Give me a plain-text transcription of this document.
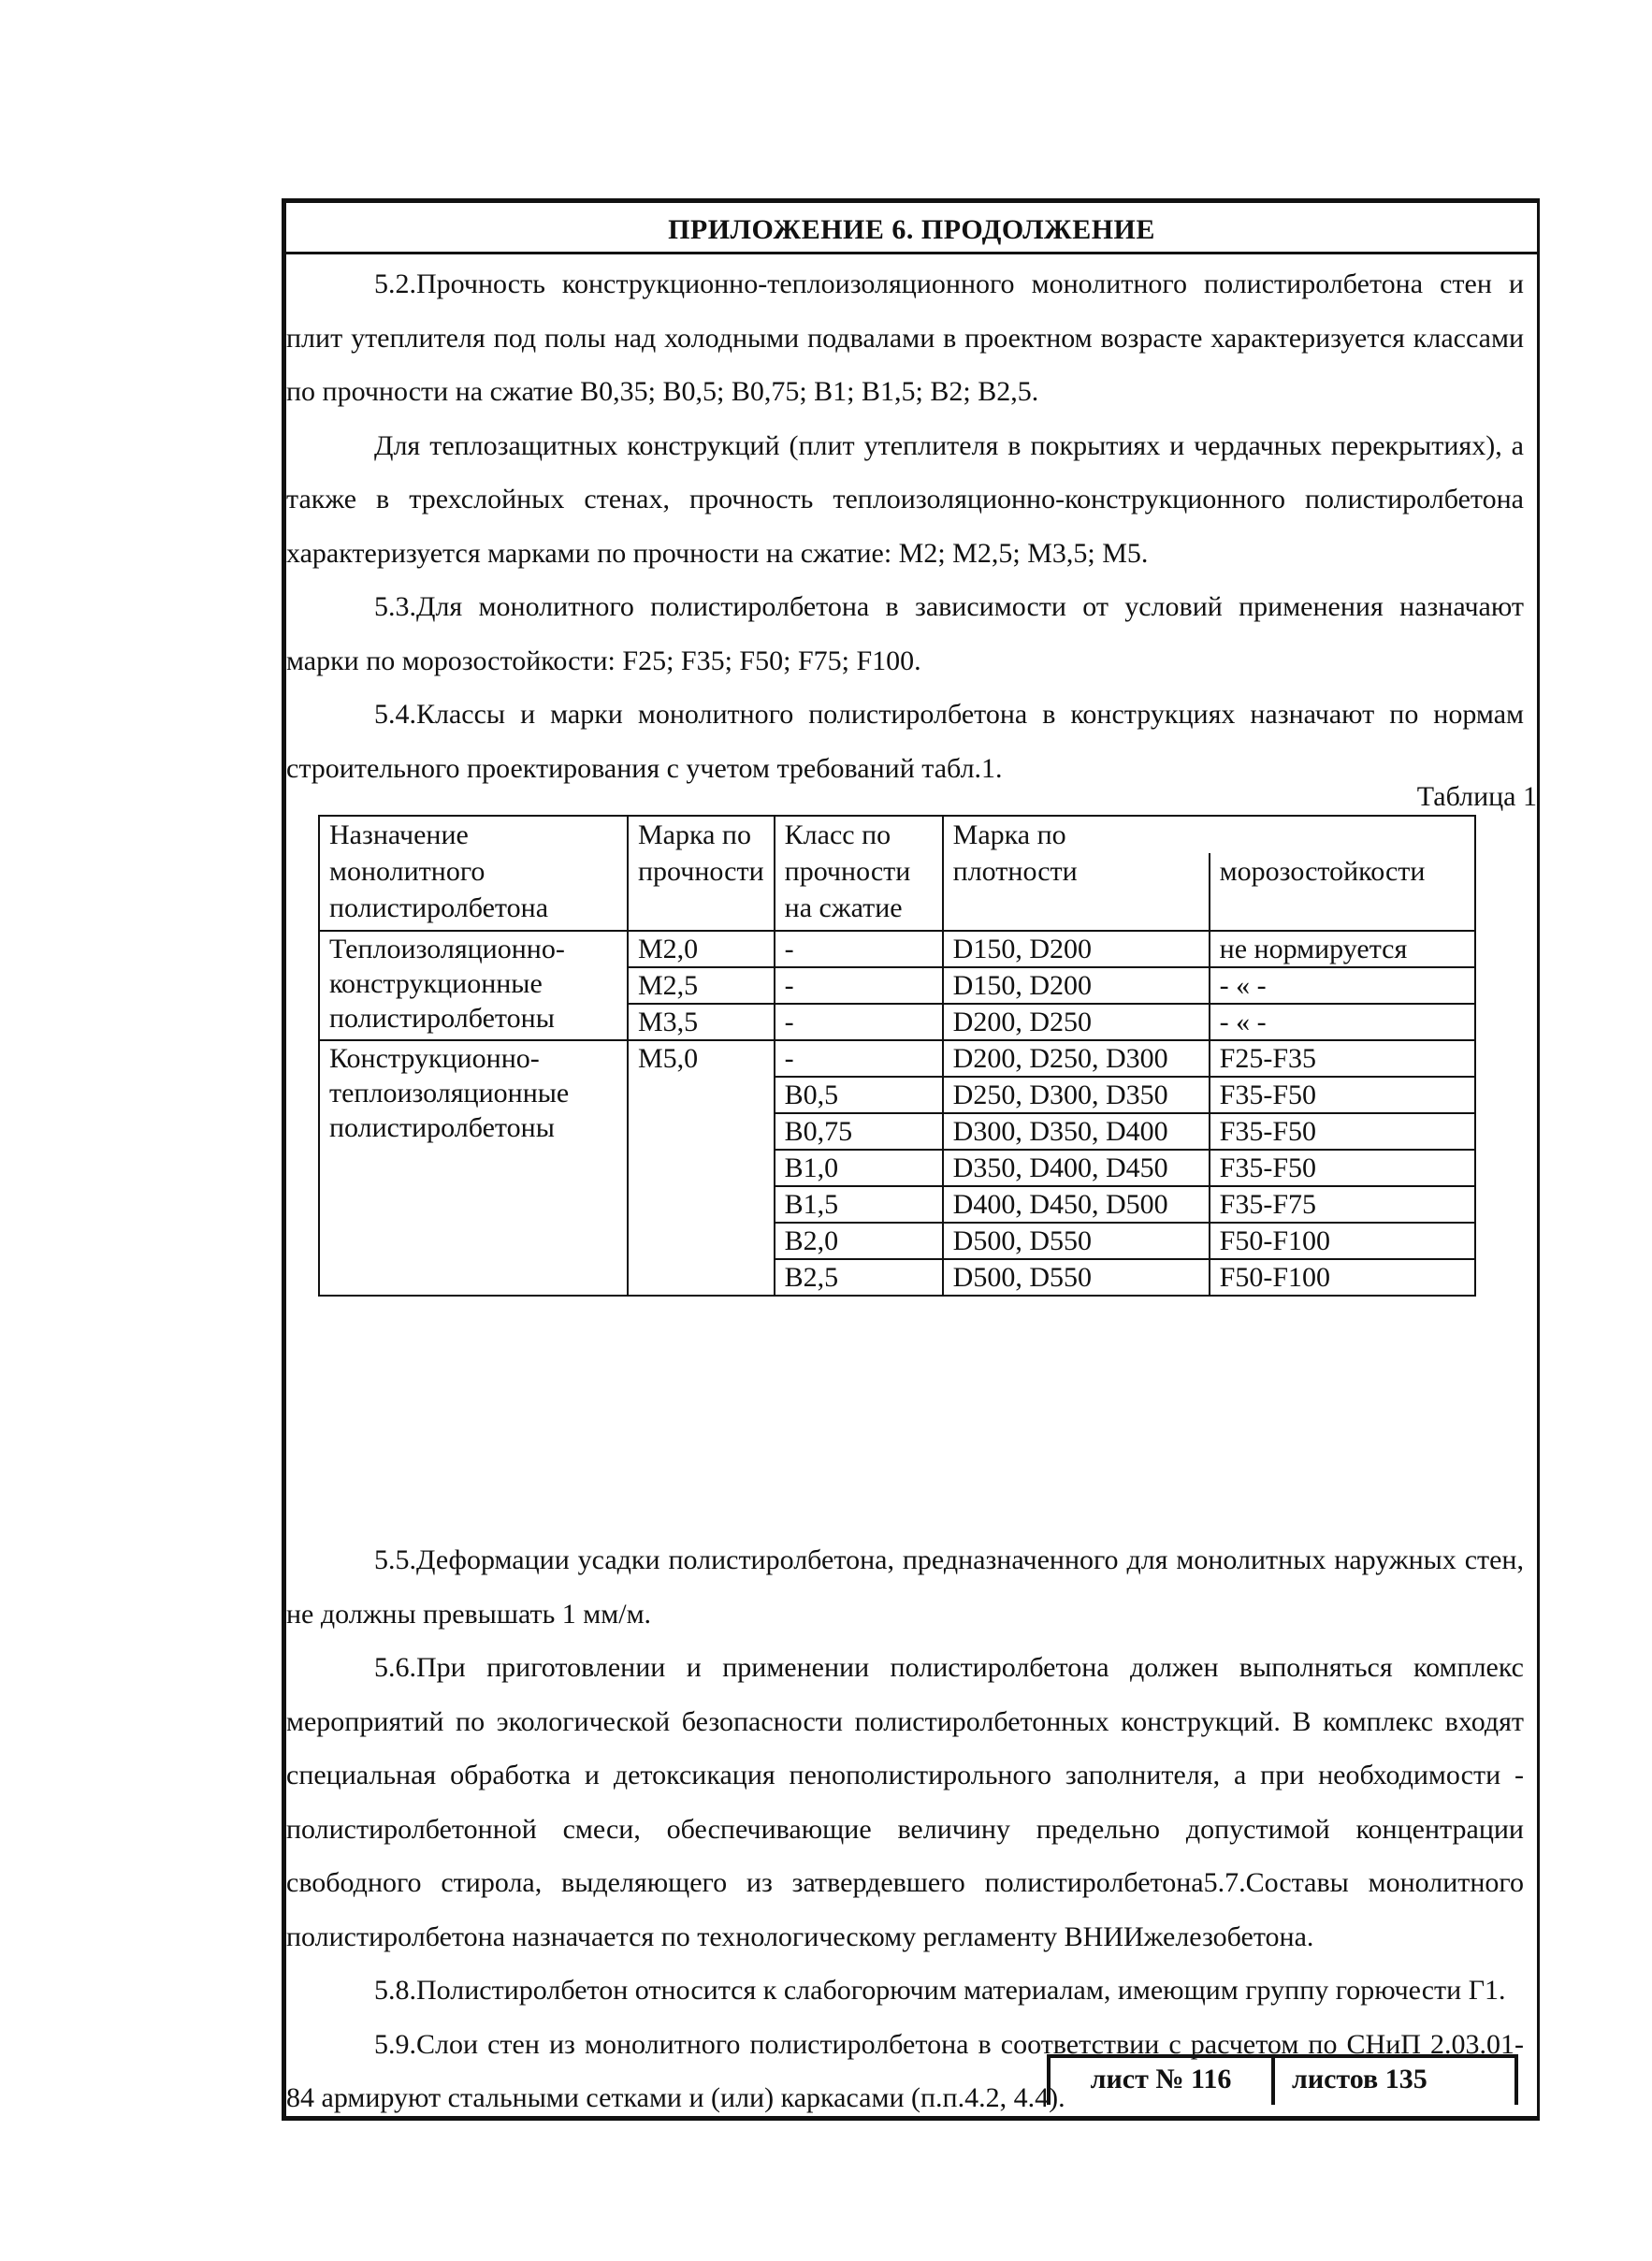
ПРИЛОЖЕНИЕ 6. ПРОДОЛЖЕНИЕ

5.2.Прочность конструкционно-теплоизоляционного монолитного полистиролбетона стен и плит утеплителя под полы над холодными подвалами в проектном возрасте характеризуется классами по прочности на сжатие В0,35; В0,5; В0,75; В1; В1,5; В2; В2,5.

Для теплозащитных конструкций (плит утеплителя в покрытиях и чердачных перекрытиях), а также в трехслойных стенах, прочность теплоизоляционно-конструкционного полистиролбетона характеризуется марками по прочности на сжатие: М2; М2,5; М3,5; М5.

5.3.Для монолитного полистиролбетона в зависимости от условий применения назначают марки по морозостойкости: F25; F35; F50; F75; F100.

5.4.Классы и марки монолитного полистиролбетона в конструкциях назначают по нормам строительного проектирования с учетом требований табл.1.

Таблица 1
Назначение монолитного полистиролбетона	Марка по прочности	Класс по прочности на сжатие	Марка по	
			плотности	морозостойкости
Теплоизоляционно-конструкционные полистиролбетоны	М2,0	-	D150, D200	не нормируется
	М2,5	-	D150, D200	- « -
	М3,5	-	D200, D250	- « -
Конструкционно-теплоизоляционные полистиролбетоны	М5,0	-	D200, D250, D300	F25-F35
		В0,5	D250, D300, D350	F35-F50
		В0,75	D300, D350, D400	F35-F50
		В1,0	D350, D400, D450	F35-F50
		В1,5	D400, D450, D500	F35-F75
		В2,0	D500, D550	F50-F100
		В2,5	D500, D550	F50-F100

5.5.Деформации усадки полистиролбетона, предназначенного для монолитных наружных стен, не должны превышать 1 мм/м.

5.6.При приготовлении и применении полистиролбетона должен выполняться комплекс мероприятий по экологической безопасности полистиролбетонных конструкций. В комплекс входят специальная обработка и детоксикация пенополистирольного заполнителя, а при необходимости - полистиролбетонной смеси, обеспечивающие величину предельно допустимой концентрации свободного стирола, выделяющего из затвердевшего полистиролбетона5.7.Составы монолитного полистиролбетона назначается по технологическому регламенту ВНИИжелезобетона.

5.8.Полистиролбетон относится к слабогорючим материалам, имеющим группу горючести Г1.

5.9.Слои стен из монолитного полистиролбетона в соответствии с расчетом по СНиП 2.03.01-84 армируют стальными сетками и (или) каркасами (п.п.4.2, 4.4).

лист № 116	листов 135
